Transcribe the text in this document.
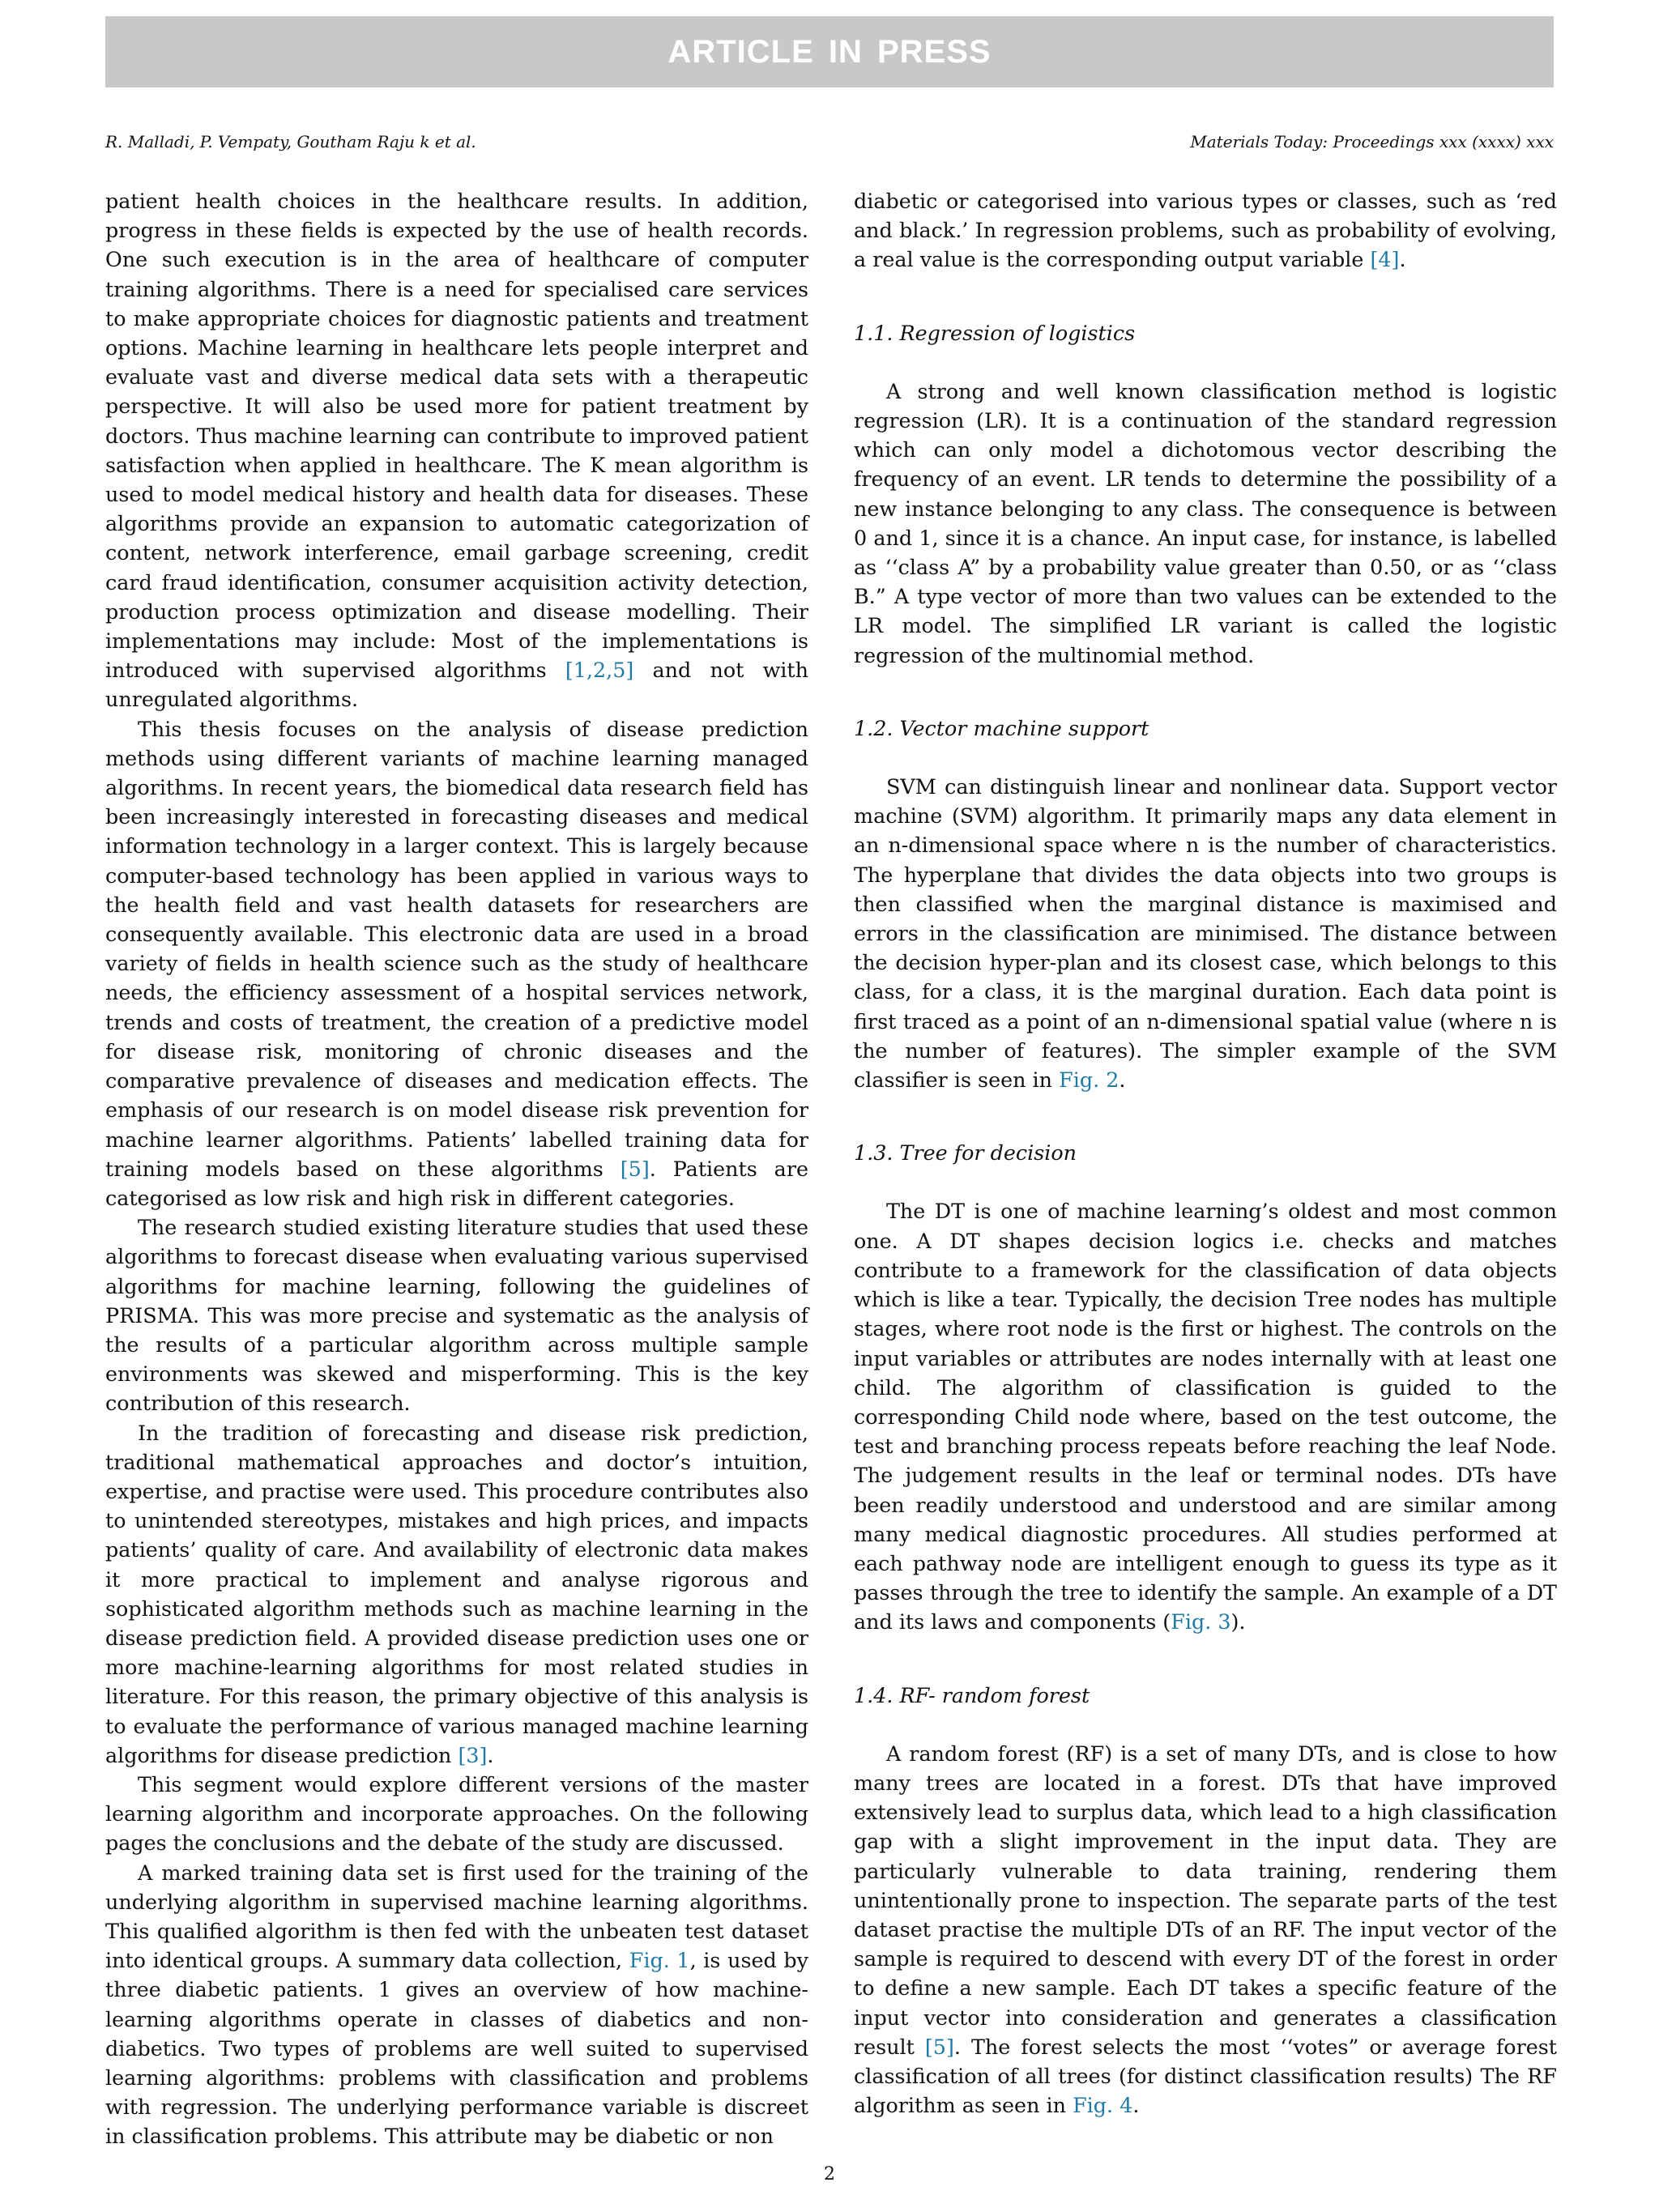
ARTICLE IN PRESS
R. Malladi, P. Vempaty, Goutham Raju k et al.	Materials Today: Proceedings xxx (xxxx) xxx

patient health choices in the healthcare results. In addition, progress in these fields is expected by the use of health records. One such execution is in the area of healthcare of computer training algorithms. There is a need for specialised care services to make appropriate choices for diagnostic patients and treatment options. Machine learning in healthcare lets people interpret and evaluate vast and diverse medical data sets with a therapeutic perspective. It will also be used more for patient treatment by doctors. Thus machine learning can contribute to improved patient satisfaction when applied in healthcare. The K mean algorithm is used to model medical history and health data for diseases. These algorithms provide an expansion to automatic categorization of content, network interference, email garbage screening, credit card fraud identification, consumer acquisition activity detection, production process optimization and disease modelling. Their implementations may include: Most of the implementations is introduced with supervised algorithms [1,2,5] and not with unregulated algorithms.

This thesis focuses on the analysis of disease prediction methods using different variants of machine learning managed algorithms. In recent years, the biomedical data research field has been increasingly interested in forecasting diseases and medical information technology in a larger context. This is largely because computer-based technology has been applied in various ways to the health field and vast health datasets for researchers are consequently available. This electronic data are used in a broad variety of fields in health science such as the study of healthcare needs, the efficiency assessment of a hospital services network, trends and costs of treatment, the creation of a predictive model for disease risk, monitoring of chronic diseases and the comparative prevalence of diseases and medication effects. The emphasis of our research is on model disease risk prevention for machine learner algorithms. Patients’ labelled training data for training models based on these algorithms [5]. Patients are categorised as low risk and high risk in different categories.

The research studied existing literature studies that used these algorithms to forecast disease when evaluating various supervised algorithms for machine learning, following the guidelines of PRISMA. This was more precise and systematic as the analysis of the results of a particular algorithm across multiple sample environments was skewed and misperforming. This is the key contribution of this research.

In the tradition of forecasting and disease risk prediction, traditional mathematical approaches and doctor’s intuition, expertise, and practise were used. This procedure contributes also to unintended stereotypes, mistakes and high prices, and impacts patients’ quality of care. And availability of electronic data makes it more practical to implement and analyse rigorous and sophisticated algorithm methods such as machine learning in the disease prediction field. A provided disease prediction uses one or more machine-learning algorithms for most related studies in literature. For this reason, the primary objective of this analysis is to evaluate the performance of various managed machine learning algorithms for disease prediction [3].

This segment would explore different versions of the master learning algorithm and incorporate approaches. On the following pages the conclusions and the debate of the study are discussed.

A marked training data set is first used for the training of the underlying algorithm in supervised machine learning algorithms. This qualified algorithm is then fed with the unbeaten test dataset into identical groups. A summary data collection, Fig. 1, is used by three diabetic patients. 1 gives an overview of how machine-learning algorithms operate in classes of diabetics and non-diabetics. Two types of problems are well suited to supervised learning algorithms: problems with classification and problems with regression. The underlying performance variable is discreet in classification problems. This attribute may be diabetic or non

diabetic or categorised into various types or classes, such as ‘red and black.’ In regression problems, such as probability of evolving, a real value is the corresponding output variable [4].

1.1. Regression of logistics

A strong and well known classification method is logistic regression (LR). It is a continuation of the standard regression which can only model a dichotomous vector describing the frequency of an event. LR tends to determine the possibility of a new instance belonging to any class. The consequence is between 0 and 1, since it is a chance. An input case, for instance, is labelled as ‘‘class A” by a probability value greater than 0.50, or as ‘‘class B.” A type vector of more than two values can be extended to the LR model. The simplified LR variant is called the logistic regression of the multinomial method.

1.2. Vector machine support

SVM can distinguish linear and nonlinear data. Support vector machine (SVM) algorithm. It primarily maps any data element in an n-dimensional space where n is the number of characteristics. The hyperplane that divides the data objects into two groups is then classified when the marginal distance is maximised and errors in the classification are minimised. The distance between the decision hyper-plan and its closest case, which belongs to this class, for a class, it is the marginal duration. Each data point is first traced as a point of an n-dimensional spatial value (where n is the number of features). The simpler example of the SVM classifier is seen in Fig. 2.

1.3. Tree for decision

The DT is one of machine learning’s oldest and most common one. A DT shapes decision logics i.e. checks and matches contribute to a framework for the classification of data objects which is like a tear. Typically, the decision Tree nodes has multiple stages, where root node is the first or highest. The controls on the input variables or attributes are nodes internally with at least one child. The algorithm of classification is guided to the corresponding Child node where, based on the test outcome, the test and branching process repeats before reaching the leaf Node. The judgement results in the leaf or terminal nodes. DTs have been readily understood and understood and are similar among many medical diagnostic procedures. All studies performed at each pathway node are intelligent enough to guess its type as it passes through the tree to identify the sample. An example of a DT and its laws and components (Fig. 3).

1.4. RF- random forest

A random forest (RF) is a set of many DTs, and is close to how many trees are located in a forest. DTs that have improved extensively lead to surplus data, which lead to a high classification gap with a slight improvement in the input data. They are particularly vulnerable to data training, rendering them unintentionally prone to inspection. The separate parts of the test dataset practise the multiple DTs of an RF. The input vector of the sample is required to descend with every DT of the forest in order to define a new sample. Each DT takes a specific feature of the input vector into consideration and generates a classification result [5]. The forest selects the most ‘‘votes” or average forest classification of all trees (for distinct classification results) The RF algorithm as seen in Fig. 4.

2
